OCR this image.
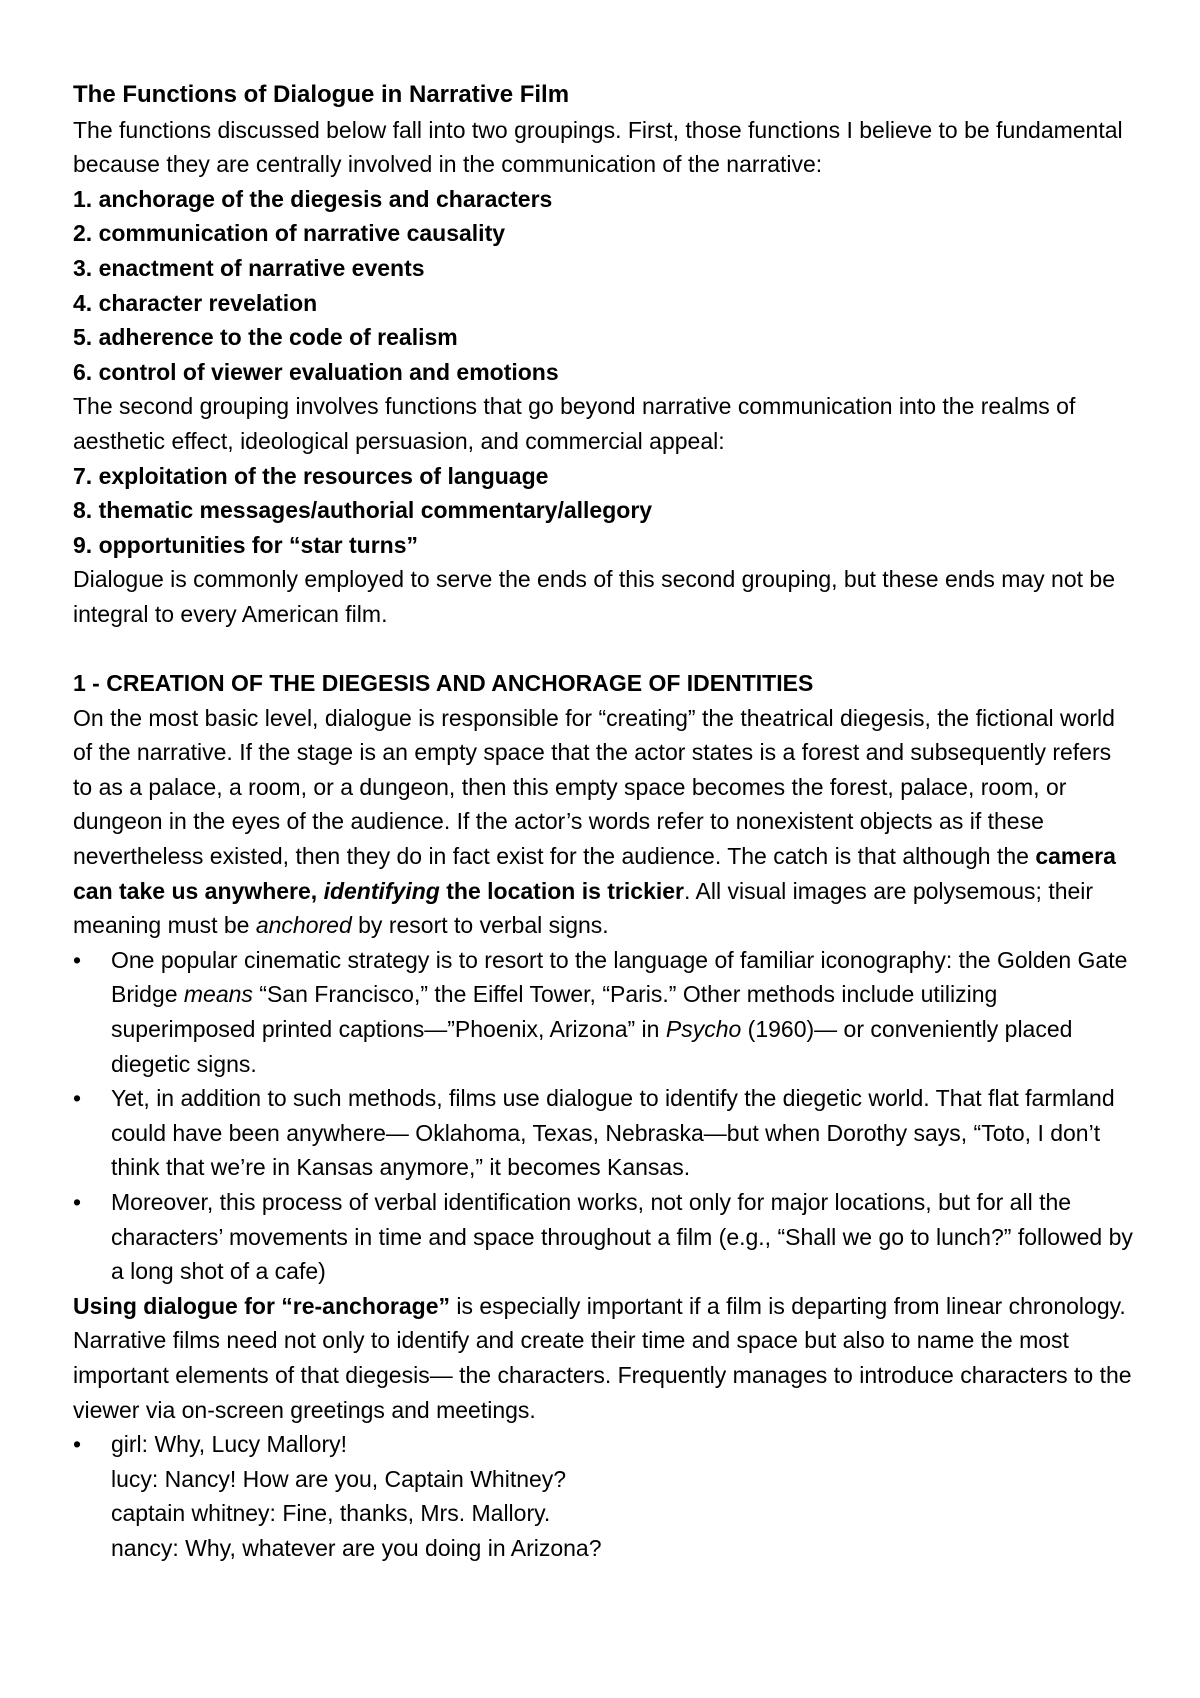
The Functions of Dialogue in Narrative Film

The functions discussed below fall into two groupings. First, those functions I believe to be fundamental because they are centrally involved in the communication of the narrative:

1. anchorage of the diegesis and characters
2. communication of narrative causality
3. enactment of narrative events
4. character revelation
5. adherence to the code of realism
6. control of viewer evaluation and emotions

The second grouping involves functions that go beyond narrative communication into the realms of aesthetic effect, ideological persuasion, and commercial appeal:

7. exploitation of the resources of language
8. thematic messages/authorial commentary/allegory
9. opportunities for “star turns”

Dialogue is commonly employed to serve the ends of this second grouping, but these ends may not be integral to every American film.

1 - CREATION OF THE DIEGESIS AND ANCHORAGE OF IDENTITIES

On the most basic level, dialogue is responsible for “creating” the theatrical diegesis, the fictional world of the narrative. If the stage is an empty space that the actor states is a forest and subsequently refers to as a palace, a room, or a dungeon, then this empty space becomes the forest, palace, room, or dungeon in the eyes of the audience. If the actor’s words refer to nonexistent objects as if these nevertheless existed, then they do in fact exist for the audience. The catch is that although the camera can take us anywhere, identifying the location is trickier. All visual images are polysemous; their meaning must be anchored by resort to verbal signs.

•	One popular cinematic strategy is to resort to the language of familiar iconography: the Golden Gate Bridge means “San Francisco,” the Eiffel Tower, “Paris.” Other methods include utilizing superimposed printed captions—”Phoenix, Arizona” in Psycho (1960)— or conveniently placed diegetic signs.
•	Yet, in addition to such methods, films use dialogue to identify the diegetic world. That flat farmland could have been anywhere— Oklahoma, Texas, Nebraska—but when Dorothy says, “Toto, I don’t think that we’re in Kansas anymore,” it becomes Kansas.
•	Moreover, this process of verbal identification works, not only for major locations, but for all the characters’ movements in time and space throughout a film (e.g., “Shall we go to lunch?” followed by a long shot of a cafe)

Using dialogue for “re-anchorage” is especially important if a film is departing from linear chronology. Narrative films need not only to identify and create their time and space but also to name the most important elements of that diegesis— the characters. Frequently manages to introduce characters to the viewer via on-screen greetings and meetings.

•	girl: Why, Lucy Mallory!
lucy: Nancy! How are you, Captain Whitney?
captain whitney: Fine, thanks, Mrs. Mallory.
nancy: Why, whatever are you doing in Arizona?
